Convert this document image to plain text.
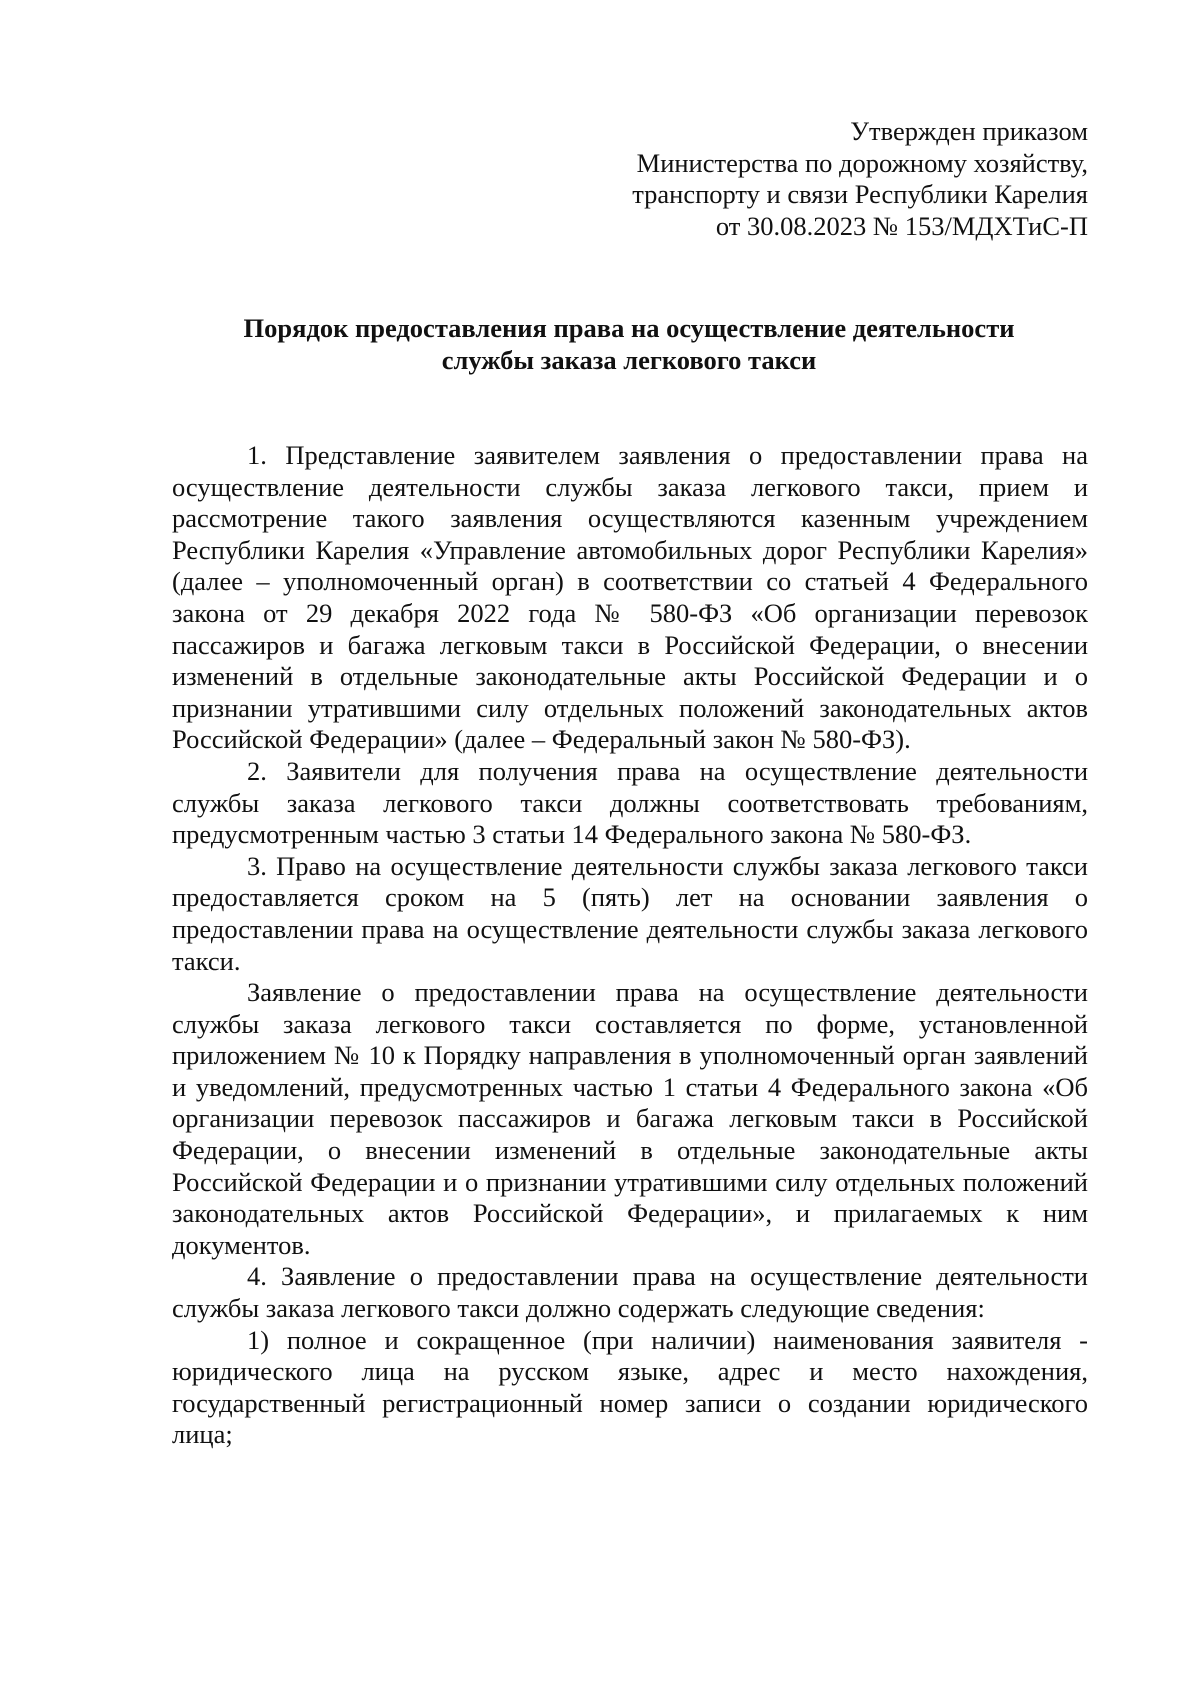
Утвержден приказом
Министерства по дорожному хозяйству,
транспорту и связи Республики Карелия
от 30.08.2023 № 153/МДХТиС-П
Порядок предоставления права на осуществление деятельности
службы заказа легкового такси

1. Представление заявителем заявления о предоставлении права на осуществление деятельности службы заказа легкового такси, прием и рассмотрение такого заявления осуществляются казенным учреждением Республики Карелия «Управление автомобильных дорог Республики Карелия» (далее – уполномоченный орган) в соответствии со статьей 4 Федерального закона от 29 декабря 2022 года № 580-ФЗ «Об организации перевозок пассажиров и багажа легковым такси в Российской Федерации, о внесении изменений в отдельные законодательные акты Российской Федерации и о признании утратившими силу отдельных положений законодательных актов Российской Федерации» (далее – Федеральный закон № 580-ФЗ).

2. Заявители для получения права на осуществление деятельности службы заказа легкового такси должны соответствовать требованиям, предусмотренным частью 3 статьи 14 Федерального закона № 580-ФЗ.

3. Право на осуществление деятельности службы заказа легкового такси предоставляется сроком на 5 (пять) лет на основании заявления о предоставлении права на осуществление деятельности службы заказа легкового такси.

Заявление о предоставлении права на осуществление деятельности службы заказа легкового такси составляется по форме, установленной приложением № 10 к Порядку направления в уполномоченный орган заявлений и уведомлений, предусмотренных частью 1 статьи 4 Федерального закона «Об организации перевозок пассажиров и багажа легковым такси в Российской Федерации, о внесении изменений в отдельные законодательные акты Российской Федерации и о признании утратившими силу отдельных положений законодательных актов Российской Федерации», и прилагаемых к ним документов.

4. Заявление о предоставлении права на осуществление деятельности службы заказа легкового такси должно содержать следующие сведения:

1) полное и сокращенное (при наличии) наименования заявителя - юридического лица на русском языке, адрес и место нахождения, государственный регистрационный номер записи о создании юридического лица;
